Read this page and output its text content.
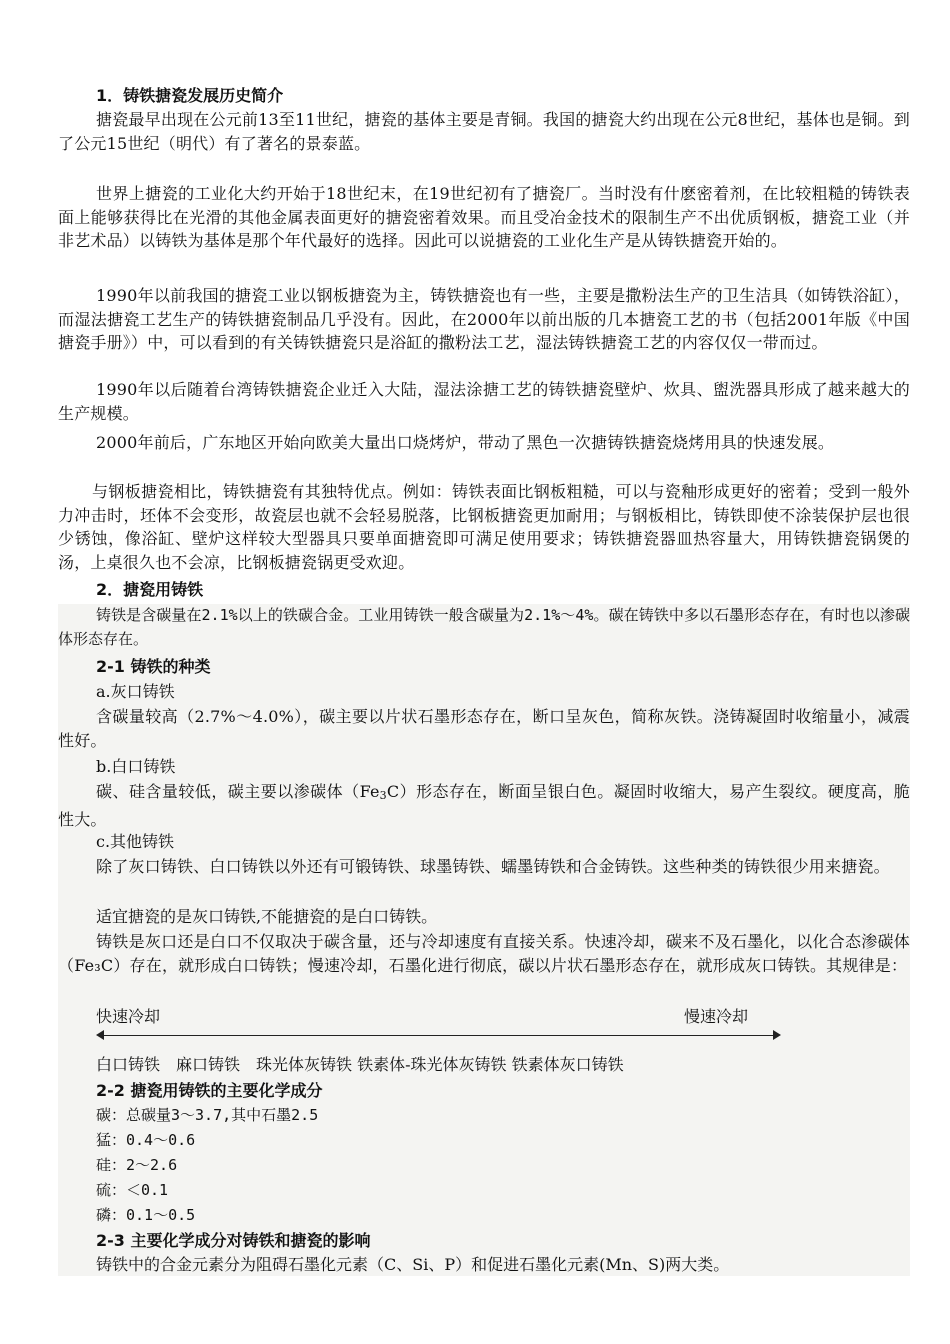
1．铸铁搪瓷发展历史简介

搪瓷最早出现在公元前13至11世纪，搪瓷的基体主要是青铜。我国的搪瓷大约出现在公元8世纪，基体也是铜。到了公元15世纪（明代）有了著名的景泰蓝。

世界上搪瓷的工业化大约开始于18世纪末，在19世纪初有了搪瓷厂。当时没有什麽密着剂，在比较粗糙的铸铁表面上能够获得比在光滑的其他金属表面更好的搪瓷密着效果。而且受冶金技术的限制生产不出优质钢板，搪瓷工业（并非艺术品）以铸铁为基体是那个年代最好的选择。因此可以说搪瓷的工业化生产是从铸铁搪瓷开始的。

1990年以前我国的搪瓷工业以钢板搪瓷为主，铸铁搪瓷也有一些，主要是撒粉法生产的卫生洁具（如铸铁浴缸），而湿法搪瓷工艺生产的铸铁搪瓷制品几乎没有。因此，在2000年以前出版的几本搪瓷工艺的书（包括2001年版《中国搪瓷手册》）中，可以看到的有关铸铁搪瓷只是浴缸的撒粉法工艺，湿法铸铁搪瓷工艺的内容仅仅一带而过。

1990年以后随着台湾铸铁搪瓷企业迁入大陆，湿法涂搪工艺的铸铁搪瓷壁炉、炊具、盥洗器具形成了越来越大的生产规模。

2000年前后，广东地区开始向欧美大量出口烧烤炉，带动了黑色一次搪铸铁搪瓷烧烤用具的快速发展。

与钢板搪瓷相比，铸铁搪瓷有其独特优点。例如：铸铁表面比钢板粗糙，可以与瓷釉形成更好的密着；受到一般外力冲击时，坯体不会变形，故瓷层也就不会轻易脱落，比钢板搪瓷更加耐用；与钢板相比，铸铁即使不涂装保护层也很少锈蚀，像浴缸、壁炉这样较大型器具只要单面搪瓷即可满足使用要求；铸铁搪瓷器皿热容量大，用铸铁搪瓷锅煲的汤，上桌很久也不会凉，比钢板搪瓷锅更受欢迎。

2．搪瓷用铸铁

铸铁是含碳量在2.1%以上的铁碳合金。工业用铸铁一般含碳量为2.1%～4%。碳在铸铁中多以石墨形态存在，有时也以渗碳体形态存在。

2-1 铸铁的种类
a.灰口铸铁

含碳量较高（2.7%～4.0%），碳主要以片状石墨形态存在，断口呈灰色，简称灰铁。浇铸凝固时收缩量小，减震性好。

b.白口铸铁

碳、硅含量较低，碳主要以渗碳体（Fe3C）形态存在，断面呈银白色。凝固时收缩大，易产生裂纹。硬度高，脆性大。

c.其他铸铁

除了灰口铸铁、白口铸铁以外还有可锻铸铁、球墨铸铁、蠕墨铸铁和合金铸铁。这些种类的铸铁很少用来搪瓷。

适宜搪瓷的是灰口铸铁,不能搪瓷的是白口铸铁。

铸铁是灰口还是白口不仅取决于碳含量，还与冷却速度有直接关系。快速冷却，碳来不及石墨化，以化合态渗碳体（Fe₃C）存在，就形成白口铸铁；慢速冷却，石墨化进行彻底，碳以片状石墨形态存在，就形成灰口铸铁。其规律是：

快速冷却	慢速冷却
白口铸铁　麻口铸铁　珠光体灰铸铁 铁素体-珠光体灰铸铁 铁素体灰口铸铁
2-2 搪瓷用铸铁的主要化学成分
碳：总碳量3～3.7,其中石墨2.5
猛：0.4～0.6
硅：2～2.6
硫：＜0.1
磷：0.1～0.5
2-3 主要化学成分对铸铁和搪瓷的影响
铸铁中的合金元素分为阻碍石墨化元素（C、Si、P）和促进石墨化元素(Mn、S)两大类。
